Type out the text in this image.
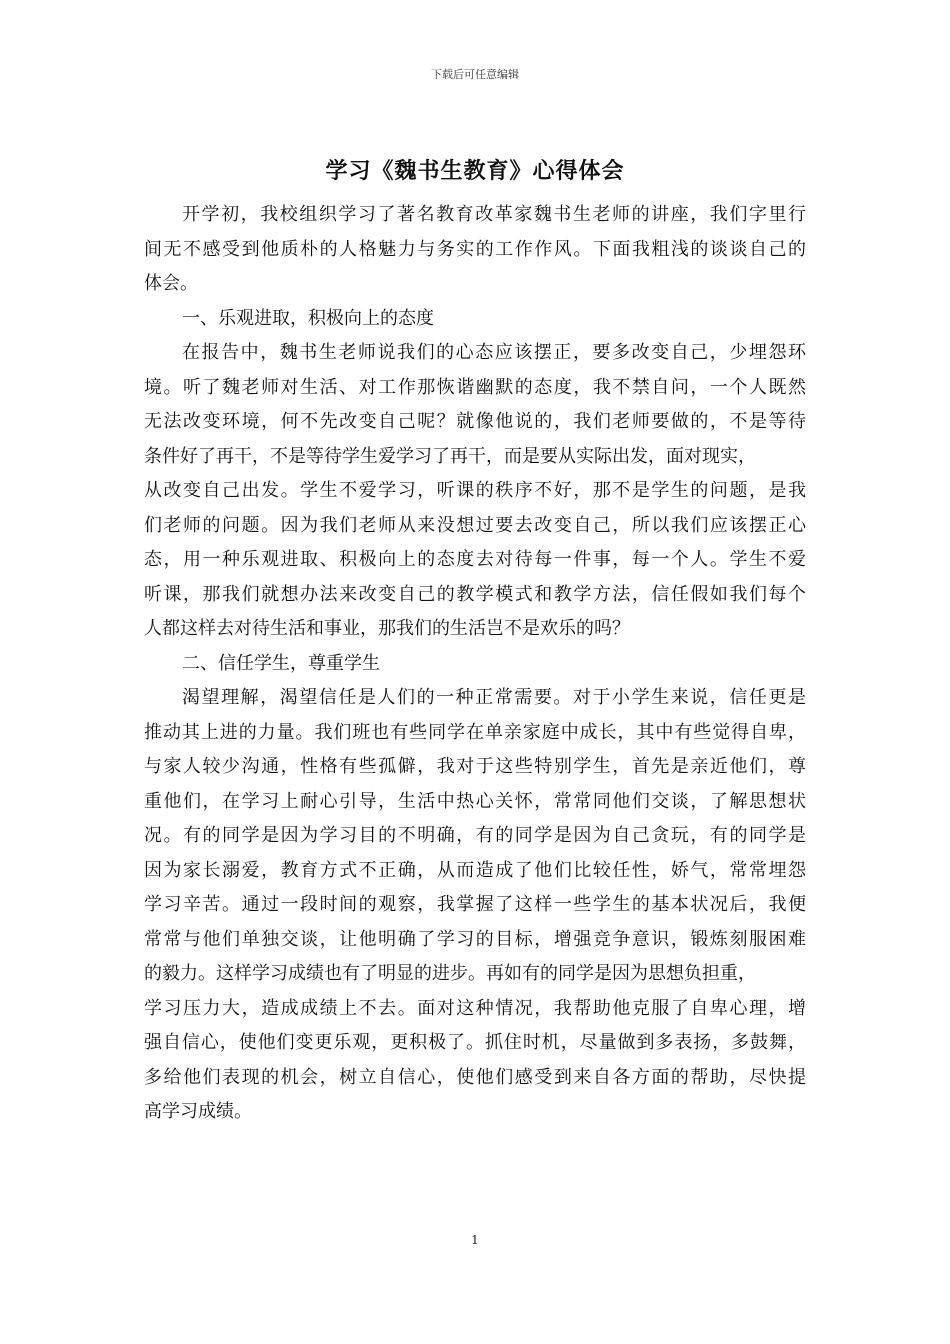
下载后可任意编辑
学习《魏书生教育》心得体会

开学初，我校组织学习了著名教育改革家魏书生老师的讲座，我们字里行
间无不感受到他质朴的人格魅力与务实的工作作风。下面我粗浅的谈谈自己的
体会。

一、乐观进取，积极向上的态度

在报告中，魏书生老师说我们的心态应该摆正，要多改变自己，少埋怨环
境。听了魏老师对生活、对工作那恢谐幽默的态度，我不禁自问，一个人既然
无法改变环境，何不先改变自己呢？就像他说的，我们老师要做的，不是等待
条件好了再干，不是等待学生爱学习了再干，而是要从实际出发，面对现实，
从改变自己出发。学生不爱学习，听课的秩序不好，那不是学生的问题，是我
们老师的问题。因为我们老师从来没想过要去改变自己，所以我们应该摆正心
态，用一种乐观进取、积极向上的态度去对待每一件事，每一个人。学生不爱
听课，那我们就想办法来改变自己的教学模式和教学方法，信任假如我们每个
人都这样去对待生活和事业，那我们的生活岂不是欢乐的吗？

二、信任学生，尊重学生

渴望理解，渴望信任是人们的一种正常需要。对于小学生来说，信任更是
推动其上进的力量。我们班也有些同学在单亲家庭中成长，其中有些觉得自卑，
与家人较少沟通，性格有些孤僻，我对于这些特别学生，首先是亲近他们，尊
重他们，在学习上耐心引导，生活中热心关怀，常常同他们交谈，了解思想状
况。有的同学是因为学习目的不明确，有的同学是因为自己贪玩，有的同学是
因为家长溺爱，教育方式不正确，从而造成了他们比较任性，娇气，常常埋怨
学习辛苦。通过一段时间的观察，我掌握了这样一些学生的基本状况后，我便
常常与他们单独交谈，让他明确了学习的目标，增强竞争意识，锻炼刻服困难
的毅力。这样学习成绩也有了明显的进步。再如有的同学是因为思想负担重，
学习压力大，造成成绩上不去。面对这种情况，我帮助他克服了自卑心理，增
强自信心，使他们变更乐观，更积极了。抓住时机，尽量做到多表扬，多鼓舞，
多给他们表现的机会，树立自信心，使他们感受到来自各方面的帮助，尽快提
高学习成绩。

1
